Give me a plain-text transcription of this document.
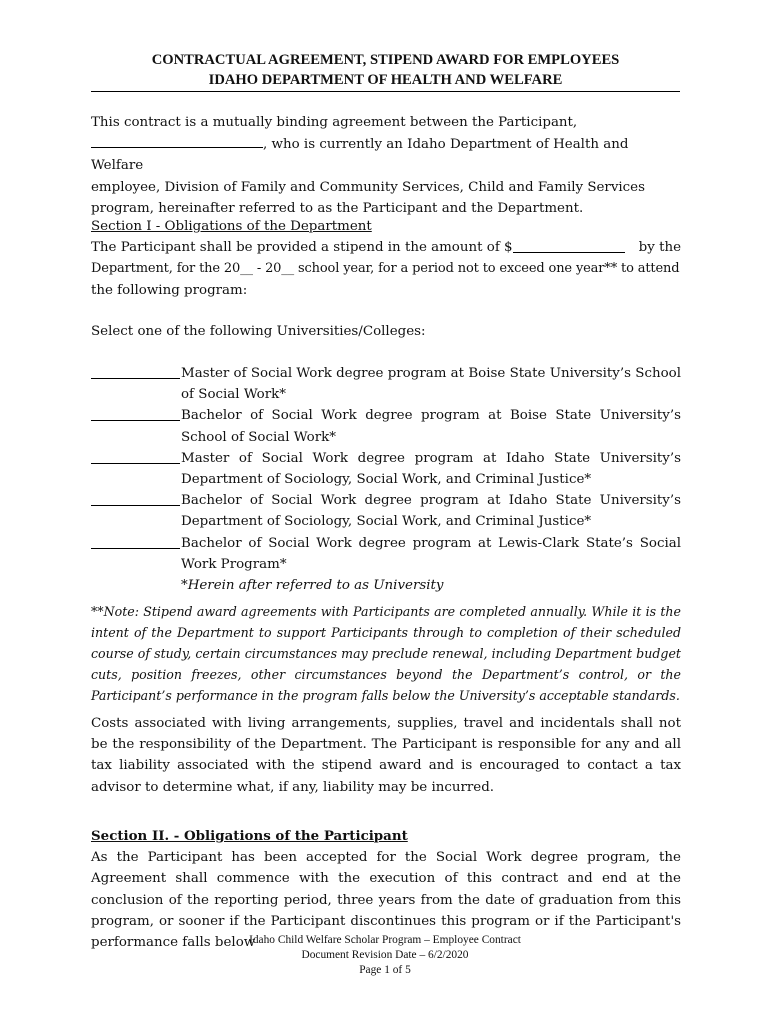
CONTRACTUAL AGREEMENT, STIPEND AWARD FOR EMPLOYEES
IDAHO DEPARTMENT OF HEALTH AND WELFARE
This contract is a mutually binding agreement between the Participant,
, who is currently an Idaho Department of Health and Welfare
employee, Division of Family and Community Services, Child and Family Services
program, hereinafter referred to as the Participant and the Department.
Section I - Obligations of the Department
The Participant shall be provided a stipend in the amount of $	by the
Department, for the 20__ - 20__ school year, for a period not to exceed one year** to attend
the following program:
Select one of the following Universities/Colleges:
Master of Social Work degree program at Boise State University’s School of Social Work*
Bachelor of Social Work degree program at Boise State University’s School of Social Work*
Master of Social Work degree program at Idaho State University’s Department of Sociology, Social Work, and Criminal Justice*
Bachelor of Social Work degree program at Idaho State University’s Department of Sociology, Social Work, and Criminal Justice*
Bachelor of Social Work degree program at Lewis-Clark State’s Social Work Program*
*Herein after referred to as University
**Note: Stipend award agreements with Participants are completed annually. While it is the intent of the Department to support Participants through to completion of their scheduled course of study, certain circumstances may preclude renewal, including Department budget cuts, position freezes, other circumstances beyond the Department’s control, or the Participant’s performance in the program falls below the University’s acceptable standards.
Costs associated with living arrangements, supplies, travel and incidentals shall not be the responsibility of the Department. The Participant is responsible for any and all tax liability associated with the stipend award and is encouraged to contact a tax advisor to determine what, if any, liability may be incurred.
Section II. - Obligations of the Participant
As the Participant has been accepted for the Social Work degree program, the Agreement shall commence with the execution of this contract and end at the conclusion of the reporting period, three years from the date of graduation from this program, or sooner if the Participant discontinues this program or if the Participant's performance falls below
Idaho Child Welfare Scholar Program – Employee Contract
Document Revision Date – 6/2/2020
Page 1 of 5
